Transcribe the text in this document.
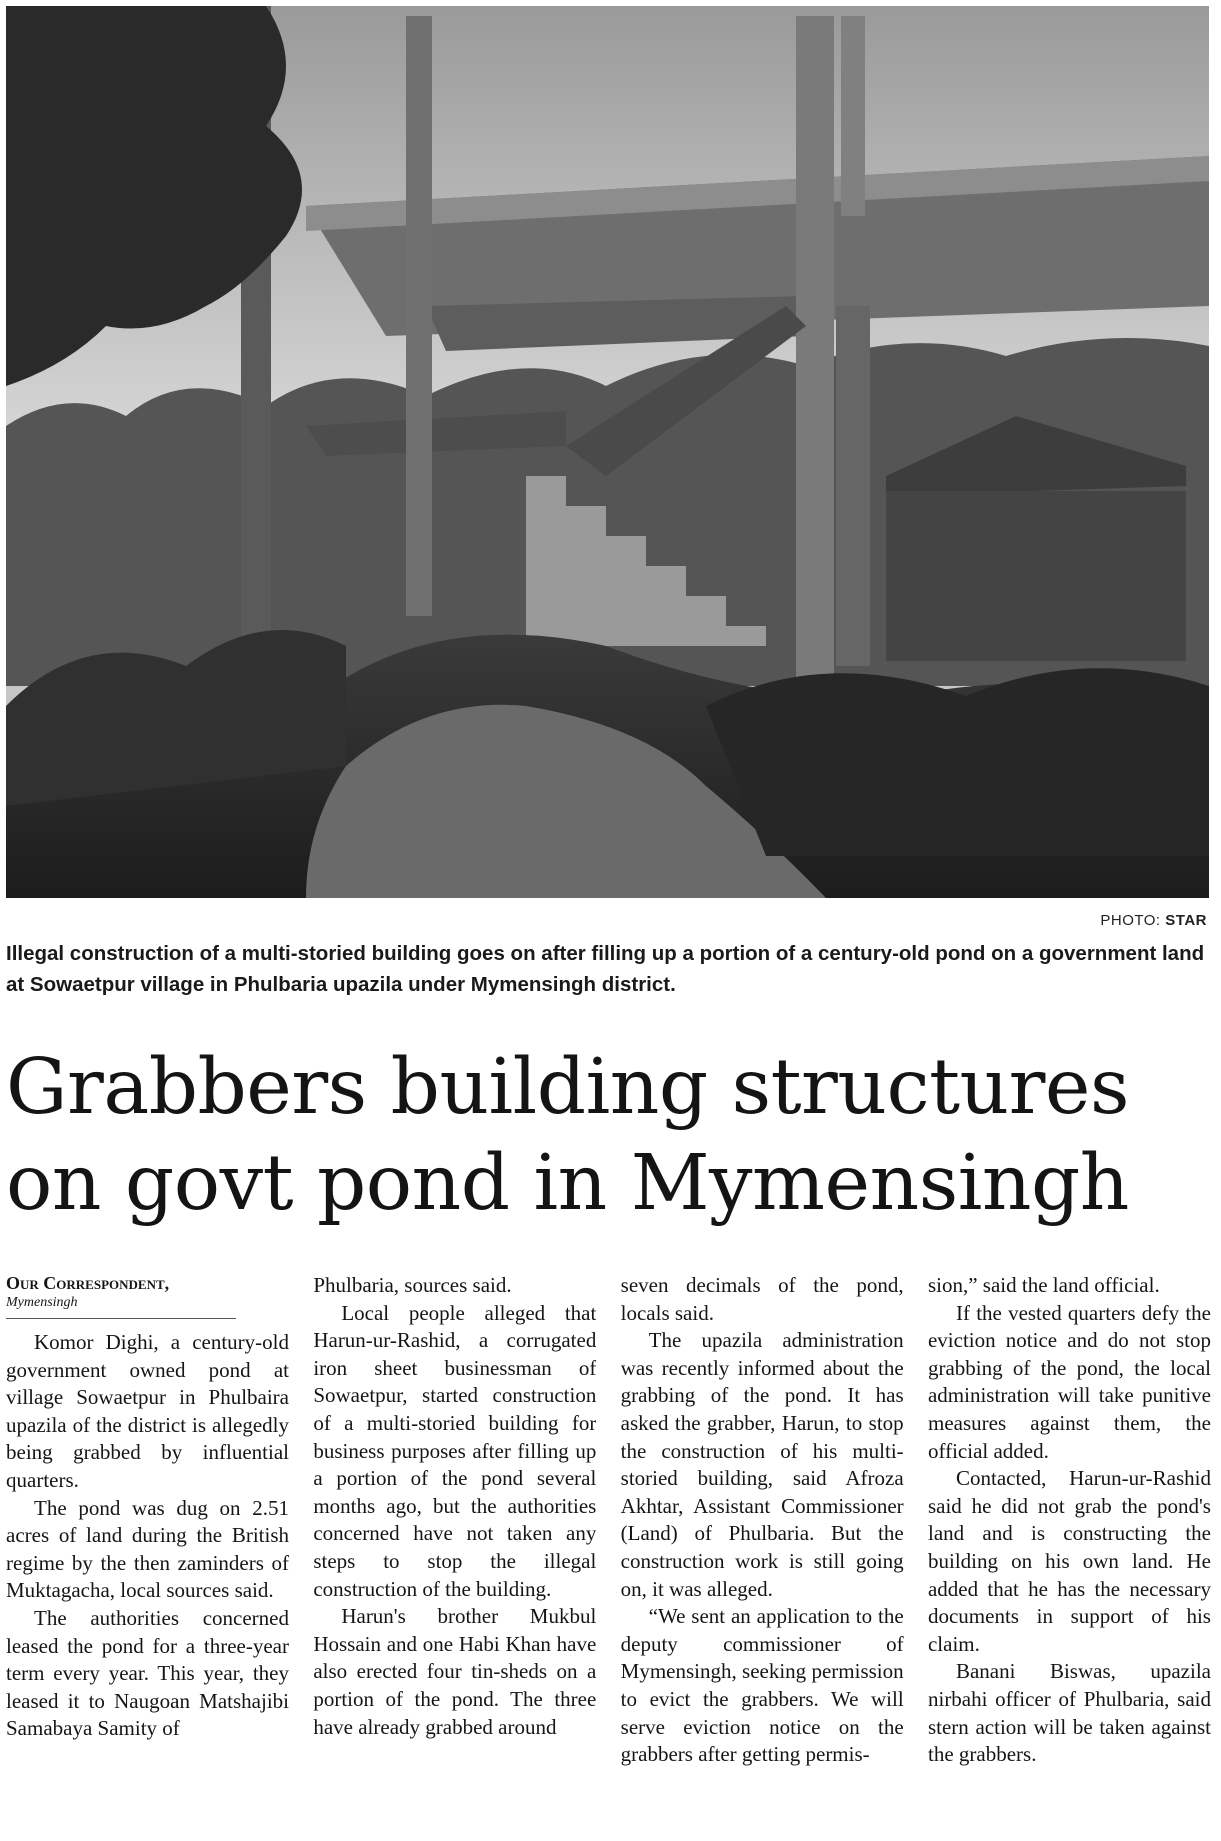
PHOTO: STAR
Illegal construction of a multi-storied building goes on after filling up a portion of a century-old pond on a government land at Sowaetpur village in Phulbaria upazila under Mymensingh district.
Grabbers building structures on govt pond in Mymensingh
Our Correspondent,
Mymensingh

Komor Dighi, a century-old government owned pond at village Sowaetpur in Phulbaira upazila of the district is allegedly being grabbed by influential quarters.

The pond was dug on 2.51 acres of land during the British regime by the then zaminders of Muktagacha, local sources said.

The authorities concerned leased the pond for a three-year term every year. This year, they leased it to Naugoan Matshajibi Samabaya Samity of

Phulbaria, sources said.

Local people alleged that Harun-ur-Rashid, a corrugated iron sheet businessman of Sowaetpur, started construction of a multi-storied building for business purposes after filling up a portion of the pond several months ago, but the authorities concerned have not taken any steps to stop the illegal construction of the building.

Harun's brother Mukbul Hossain and one Habi Khan have also erected four tin-sheds on a portion of the pond. The three have already grabbed around

seven decimals of the pond, locals said.

The upazila administration was recently informed about the grabbing of the pond. It has asked the grabber, Harun, to stop the construction of his multi-storied building, said Afroza Akhtar, Assistant Commissioner (Land) of Phulbaria. But the construction work is still going on, it was alleged.

“We sent an application to the deputy commissioner of Mymensingh, seeking permission to evict the grabbers. We will serve eviction notice on the grabbers after getting permis-

sion,” said the land official.

If the vested quarters defy the eviction notice and do not stop grabbing of the pond, the local administration will take punitive measures against them, the official added.

Contacted, Harun-ur-Rashid said he did not grab the pond's land and is constructing the building on his own land. He added that he has the necessary documents in support of his claim.

Banani Biswas, upazila nirbahi officer of Phulbaria, said stern action will be taken against the grabbers.
